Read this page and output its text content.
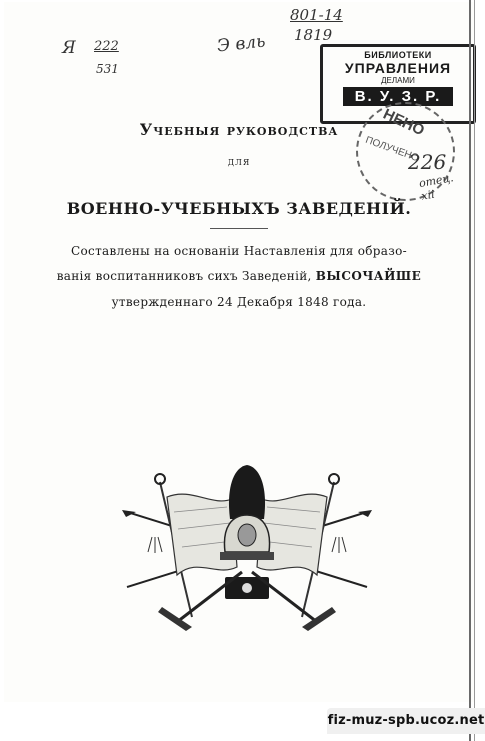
Я 222
531
Э вль
801-14
1819
БИБЛИОТЕКИ
УПРАВЛЕНИЯ
ДЕЛАМИ
В. У. З. Р.
НЕНО
ПОЛУЧЕНО
226
отец. xii
Учебныя руководства
для
ВОЕННО-УЧЕБНЫХЪ ЗАВЕДЕНІЙ.
Составлены на основаніи Наставленія для образо-
ванія воспитанниковъ сихъ Заведеній, ВЫСОЧАЙШЕ
утвержденнаго 24 Декабря 1848 года.
fiz-muz-spb.ucoz.net
